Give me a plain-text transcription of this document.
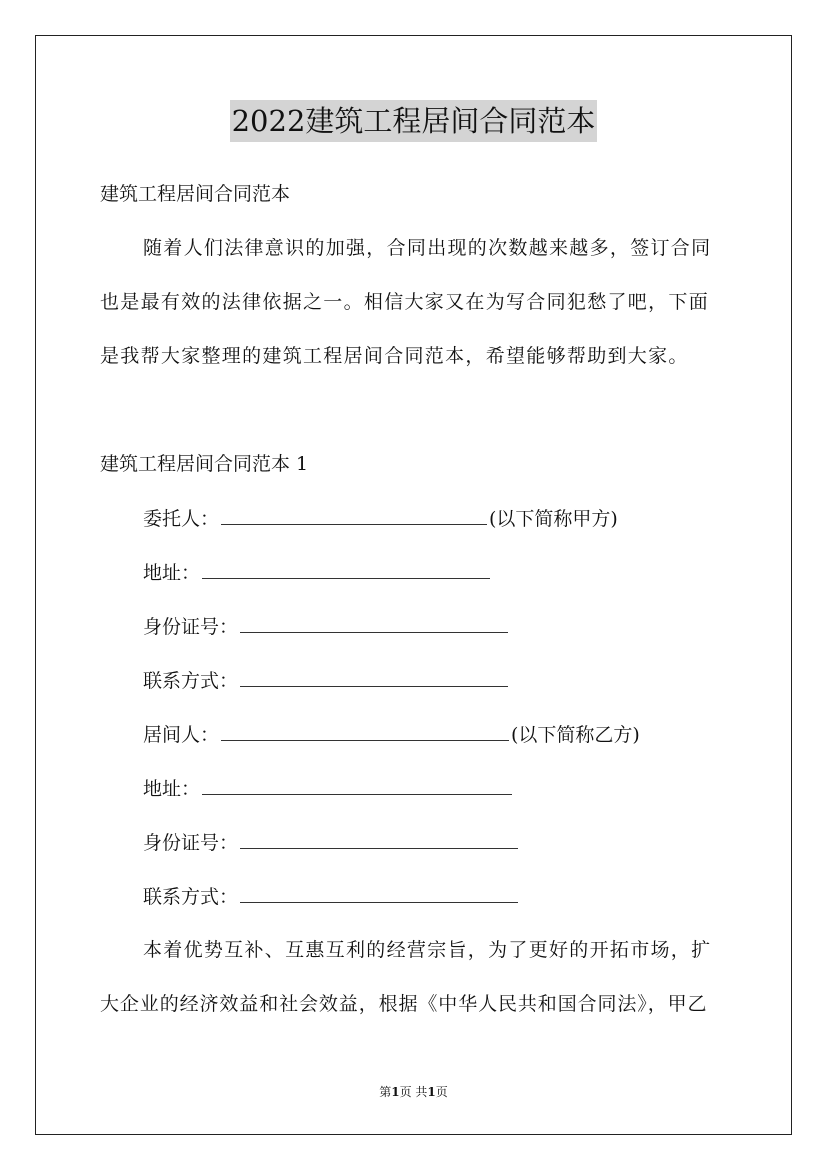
2022建筑工程居间合同范本
建筑工程居间合同范本
随着人们法律意识的加强，合同出现的次数越来越多，签订合同
也是最有效的法律依据之一。相信大家又在为写合同犯愁了吧，下面
是我帮大家整理的建筑工程居间合同范本，希望能够帮助到大家。
建筑工程居间合同范本 1
委托人：	(以下简称甲方)
地址：
身份证号：
联系方式：
居间人：	(以下简称乙方)
地址：
身份证号：
联系方式：
本着优势互补、互惠互利的经营宗旨，为了更好的开拓市场，扩
大企业的经济效益和社会效益，根据《中华人民共和国合同法》，甲乙
第1页 共1页
